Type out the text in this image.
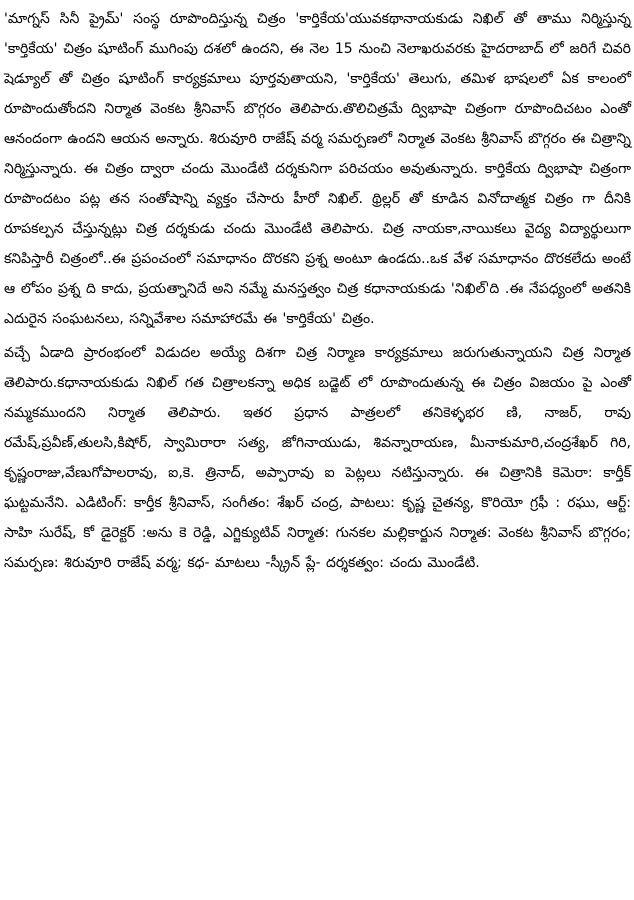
'మాగ్నస్ సినీ ప్రైమ్' సంస్థ రూపొందిస్తున్న చిత్రం 'కార్తికేయ'యువకథానాయకుడు నిఖిల్ తో తాము నిర్మిస్తున్న 'కార్తికేయ' చిత్రం షూటింగ్ ముగింపు దశలో ఉందని, ఈ నెల 15 నుంచి నెలాఖరువరకు హైదరాబాద్ లో జరిగే చివరి షెడ్యూల్ తో చిత్రం షూటింగ్ కార్యక్రమాలు పూర్తవుతాయని, 'కార్తికేయ' తెలుగు, తమిళ భాషలలో ఏక కాలంలో రూపొందుతోందని నిర్మాత వెంకట శ్రీనివాస్ బొగ్గరం తెలిపారు.తొలిచిత్రమే ద్విభాషా చిత్రంగా రూపొందిచటం ఎంతో ఆనందంగా ఉందని ఆయన అన్నారు. శిరువూరి రాజేష్ వర్మ సమర్పణలో నిర్మాత వెంకట శ్రీనివాస్ బొగ్గరం ఈ చిత్రాన్ని నిర్మిస్తున్నారు. ఈ చిత్రం ద్వారా చందు మొండేటి దర్శకునిగా పరిచయం అవుతున్నారు. కార్తికేయ ద్విభాషా చిత్రంగా రూపొందటం పట్ల తన సంతోషాన్ని వ్యక్తం చేసారు హీరో నిఖిల్. థ్రిల్లర్ తో కూడిన వినోదాత్మక చిత్రం గా దీనికి రూపకల్పన చేస్తున్నట్లు చిత్ర దర్శకుడు చందు మొండేటి తెలిపారు. చిత్ర నాయకా,నాయికలు వైద్య విద్యార్థులుగా కనిపిస్తారీ చిత్రంలో..ఈ ప్రపంచంలో సమాధానం దొరకని ప్రశ్న అంటూ ఉండదు..ఒక వేళ సమాధానం దొరకలేదు అంటే ఆ లోపం ప్రశ్న ది కాదు, ప్రయత్నానిదే అని నమ్మే మనస్తత్వం చిత్ర కధానాయకుడు 'నిఖిల్'ది .ఈ నేపధ్యంలో అతనికి ఎదురైన సంఘటనలు, సన్నివేశాల సమాహారమే ఈ 'కార్తికేయ' చిత్రం.

వచ్చే ఏడాది ప్రారంభంలో విడుదల అయ్యే దిశగా చిత్ర నిర్మాణ కార్యక్రమాలు జరుగుతున్నాయని చిత్ర నిర్మాత తెలిపారు.కధానాయకుడు నిఖిల్ గత చిత్రాలకన్నా అధిక బడ్జెట్ లో రూపొందుతున్న ఈ చిత్రం విజయం పై ఎంతో నమ్మకముందని నిర్మాత తెలిపారు. ఇతర ప్రధాన పాత్రలలో తనికెళ్ళభర ణి, నాజర్, రావు రమేష్,ప్రవీణ్,తులసి,కిషోర్, స్వామిరారా సత్య, జోగినాయుడు, శివన్నారాయణ, మీనాకుమారి,చంద్రశేఖర్ గిరి, కృష్ణంరాజు,వేణుగోపాలరావు, ఐ,కె. త్రినాద్, అప్పారావు ఐ పెట్లలు నటిస్తున్నారు. ఈ చిత్రానికి కెమెరా: కార్తీక్ ఘట్టమనేని. ఎడిటింగ్: కార్తీక శ్రీనివాస్, సంగీతం: శేఖర్ చంద్ర, పాటలు: కృష్ణ చైతన్య, కొరియో గ్రఫీ : రఘు, ఆర్ట్: సాహి సురేష్, కో డైరెక్టర్ :అను కె రెడ్డి, ఎగ్జిక్యుటివ్ నిర్మాత: గునకల మల్లికార్జున నిర్మాత: వెంకట శ్రీనివాస్ బొగ్గరం; సమర్పణ: శిరువూరి రాజేష్ వర్మ; కధ- మాటలు -స్క్రీన్ ప్లే- దర్శకత్వం: చందు మొండేటి.
